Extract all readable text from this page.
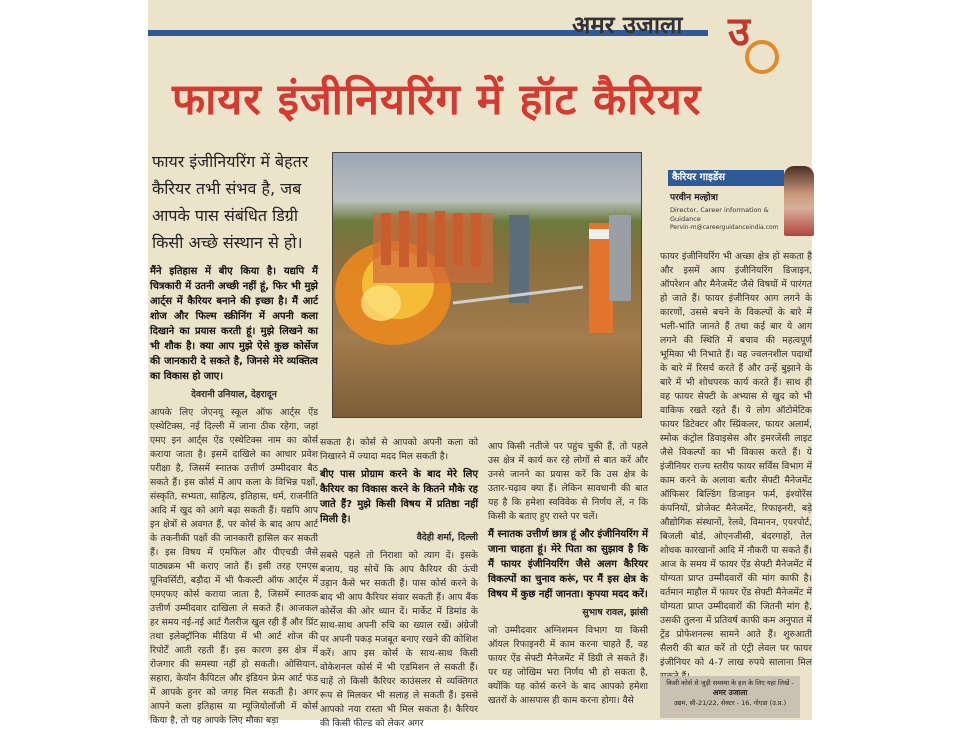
अमर उजाला उ
फायर इंजीनियरिंग में हॉट कैरियर
फायर इंजीनियरिंग में बेहतर कैरियर तभी संभव है, जब आपके पास संबंधित डिग्री किसी अच्छे संस्थान से हो।

मैंने इतिहास में बीए किया है। यद्यपि मैं चित्रकारी में उतनी अच्छी नहीं हूं, फिर भी मुझे आर्ट्स में कैरियर बनाने की इच्छा है। मैं आर्ट शोज और फिल्म स्क्रीनिंग में अपनी कला दिखाने का प्रयास करती हूं। मुझे लिखने का भी शौक है। क्या आप मुझे ऐसे कुछ कोर्सेज की जानकारी दे सकते है, जिनसे मेरे व्यक्तित्व का विकास हो जाए।

देवरानी उनियाल, देहरादून

आपके लिए जेएनयू स्कूल ऑफ आर्ट्स ऐंड एस्थेटिक्स, नई दिल्ली में जाना ठीक रहेगा, जहां एमए इन आर्ट्स ऐंड एस्थेटिक्स नाम का कोर्स कराया जाता है। इसमें दाखिले का आधार प्रवेश परीक्षा है, जिसमें स्नातक उत्तीर्ण उम्मीदवार बैठ सकते हैं। इस कोर्स में आप कला के विभिन्न पक्षों, संस्कृति, सभ्यता, साहित्य, इतिहास, धर्म, राजनीति आदि में खुद को आगे बढ़ा सकती हैं। यद्यपि आप इन क्षेत्रों से अवगत हैं, पर कोर्स के बाद आप आर्ट के तकनीकी पक्षों की जानकारी हासिल कर सकती हैं। इस विषय में एमफिल और पीएचडी जैसे पाठ्यक्रम भी कराए जाते हैं। इसी तरह एमएस यूनिवर्सिटी, बड़ौदा में भी फैकल्टी ऑफ आर्ट्स में एमएफए कोर्स कराया जाता है, जिसमें स्नातक उत्तीर्ण उम्मीदवार दाखिला ले सकते हैं। आजकल हर समय नई-नई आर्ट गैलरीज खुल रही हैं और प्रिंट तथा इलेक्ट्रॉनिक मीडिया में भी आर्ट शोज की रिपोर्टें आती रहती हैं। इस कारण इस क्षेत्र में रोजगार की समस्या नहीं हो सकती। ओसियान, सहारा, केयॉन कैपिटल और इंडियन फ्रेम आर्ट फंड में आपके हुनर को जगह मिल सकती है। अगर आपने कला इतिहास या म्यूजियोलॉजी में कोर्स किया है, तो यह आपके लिए मौका बड़ा

सकता है। कोर्स से आपको अपनी कला को निखारने में ज्यादा मदद मिल सकती है।

बीए पास प्रोग्राम करने के बाद मेरे लिए कैरियर का विकास करने के कितने मौके रह जाते हैं? मुझे किसी विषय में प्रतिष्ठा नहीं मिली है।

वैदेही शर्मा, दिल्ली

सबसे पहले तो निराशा को त्याग दें। इसके बजाय, यह सोचें कि आप कैरियर की ऊंची उड़ान कैसे भर सकती हैं। पास कोर्स करने के बाद भी आप कैरियर संवार सकती हैं। आप बैंक कोर्सेज की ओर ध्यान दें। मार्केट में डिमांड के साथ-साथ अपनी रुचि का ख्याल रखें। अंग्रेजी पर अपनी पकड़ मजबूत बनाए रखने की कोशिश करें। आप इस कोर्स के साथ-साथ किसी वोकेशनल कोर्स में भी एडमिशन ले सकती हैं। चाहें तो किसी कैरियर काउंसलर से व्यक्तिगत रूप से मिलकर भी सलाह ले सकती हैं। इससे आपको नया रास्ता भी मिल सकता है। कैरियर की किसी फील्ड को लेकर अगर

आप किसी नतीजे पर पहुंच चुकी हैं, तो पहले उस क्षेत्र में कार्य कर रहे लोगों से बात करें और उनसे जानने का प्रयास करें कि उस क्षेत्र के उतार-चढ़ाव क्या हैं। लेकिन सावधानी की बात यह है कि हमेशा स्वविवेक से निर्णय लें, न कि किसी के बताए हुए रास्ते पर चलें।

मैं स्नातक उत्तीर्ण छात्र हूं और इंजीनियरिंग में जाना चाहता हूं। मेरे पिता का सुझाव है कि मैं फायर इंजीनियरिंग जैसे अलग कैरियर विकल्पों का चुनाव करूं, पर मैं इस क्षेत्र के विषय में कुछ नहीं जानता। कृपया मदद करें।

सुभाष रावल, झांसी

जो उम्मीदवार अग्निशमन विभाग या किसी ऑयल रिफाइनरी में काम करना चाहते हैं, वह फायर ऐंड सेफ्टी मैनेजमेंट में डिग्री ले सकते हैं। पर यह जोखिम भरा निर्णय भी हो सकता है, क्योंकि यह कोर्स करने के बाद आपको हमेशा खतरों के आसपास ही काम करना होगा। वैसे

कैरियर गाइडेंस
परवीन मल्होत्रा
Director, Career information & Guidance
Pervin-m@careerguidanceindia.com

फायर इंजीनियरिंग भी अच्छा क्षेत्र हो सकता है और इसमें आप इंजीनियरिंग डिजाइन, ऑपरेशन और मैनेजमेंट जैसे विषयों में पारंगत हो जाते हैं। फायर इंजीनियर आग लगने के कारणों, उससे बचने के विकल्पों के बारे में भली-भांति जानते हैं तथा कई बार ये आग लगने की स्थिति में बचाव की महत्वपूर्ण भूमिका भी निभाते हैं। वह ज्वलनशील पदार्थों के बारे में रिसर्च करते हैं और उन्हें बुझाने के बारे में भी शोधपरक कार्य करते हैं। साथ ही वह फायर सेफ्टी के अभ्यास से खुद को भी वाकिफ रखते रहते हैं। ये लोग ऑटोमेटिक फायर डिटेक्टर और स्प्रिंकलर, फायर अलार्म, स्मोक कंट्रोल डिवाइसेस और इमरजेंसी लाइट जैसे विकल्पों का भी विकास करते हैं। ये इंजीनियर राज्य स्तरीय फायर सर्विस विभाग में काम करने के अलावा बतौर सेफ्टी मैनेजमेंट ऑफिसर बिल्डिंग डिजाइन फर्म, इंश्योरेंस कंपनियों, प्रोजेक्ट मैनेजमेंट, रिफाइनरी, बड़े औद्योगिक संस्थानों, रेलवे, विमानन, एयरपोर्ट, बिजली बोर्ड, ओएनजीसी, बंदरगाहों, तेल शोधक कारखानों आदि में नौकरी पा सकते हैं। आज के समय में फायर ऐंड सेफ्टी मैनेजमेंट में योग्यता प्राप्त उम्मीदवारों की मांग काफी है। वर्तमान माहौल में फायर ऐंड सेफ्टी मैनेजमेंट में योग्यता प्राप्त उम्मीदवारों की जितनी मांग है, उसकी तुलना में प्रतिवर्ष काफी कम अनुपात में ट्रेंड प्रोफेशनल्स सामने आते हैं। शुरुआती सैलरी की बात करें तो एंट्री लेवल पर फायर इंजीनियर को 4-7 लाख रुपये सालाना मिल

किसी कोर्स से जुड़ी समस्या के हल के लिए यहां लिखें -
अमर उजाला
उद्यम, सी-21/22, सेक्टर - 16, नोएडा (उ.प्र.)
